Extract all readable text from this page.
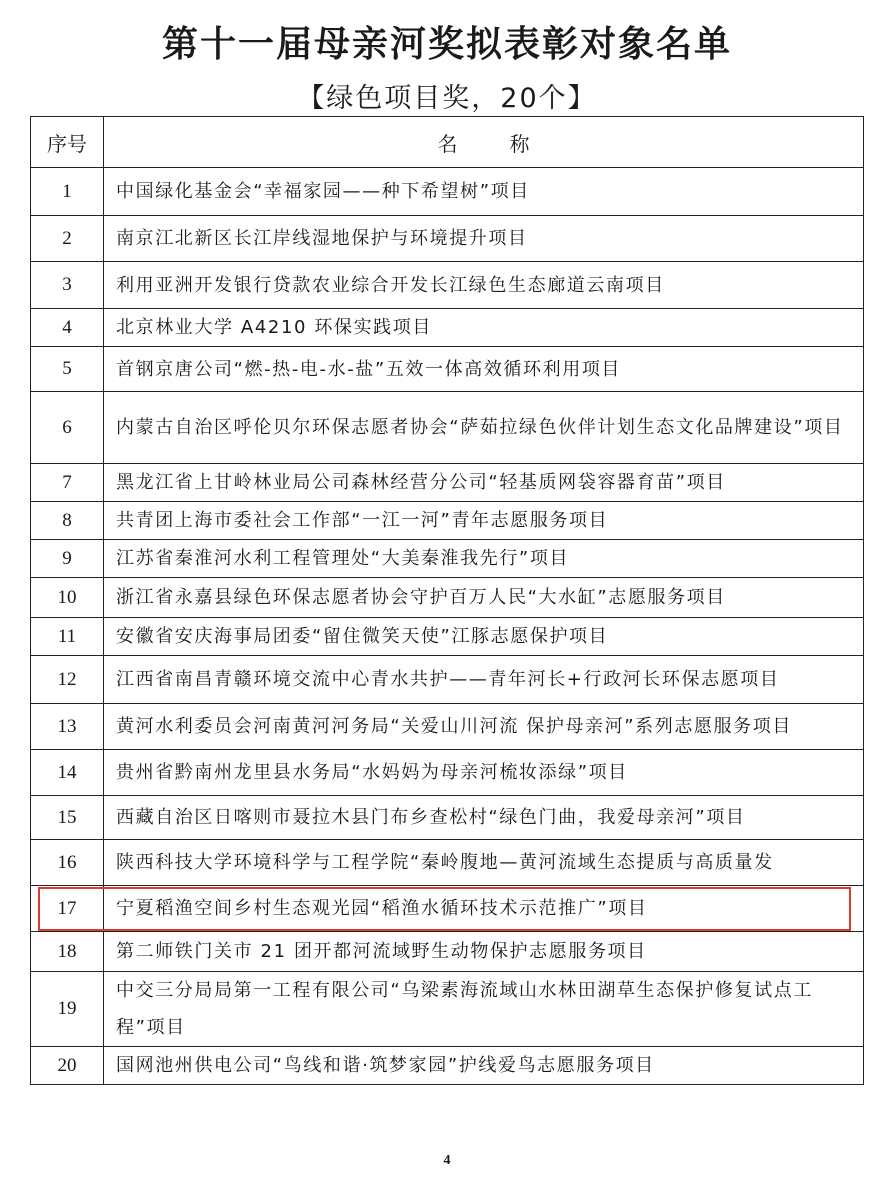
第十一届母亲河奖拟表彰对象名单
【绿色项目奖，20个】
序号	名 称
1	中国绿化基金会“幸福家园——种下希望树”项目
2	南京江北新区长江岸线湿地保护与环境提升项目
3	利用亚洲开发银行贷款农业综合开发长江绿色生态廊道云南项目
4	北京林业大学 A4210 环保实践项目
5	首钢京唐公司“燃-热-电-水-盐”五效一体高效循环利用项目
6	内蒙古自治区呼伦贝尔环保志愿者协会“萨茹拉绿色伙伴计划生态文化品牌建设”项目
7	黑龙江省上甘岭林业局公司森林经营分公司“轻基质网袋容器育苗”项目
8	共青团上海市委社会工作部“一江一河”青年志愿服务项目
9	江苏省秦淮河水利工程管理处“大美秦淮我先行”项目
10	浙江省永嘉县绿色环保志愿者协会守护百万人民“大水缸”志愿服务项目
11	安徽省安庆海事局团委“留住微笑天使”江豚志愿保护项目
12	江西省南昌青赣环境交流中心青水共护——青年河长+行政河长环保志愿项目
13	黄河水利委员会河南黄河河务局“关爱山川河流 保护母亲河”系列志愿服务项目
14	贵州省黔南州龙里县水务局“水妈妈为母亲河梳妆添绿”项目
15	西藏自治区日喀则市聂拉木县门布乡查松村“绿色门曲，我爱母亲河”项目
16	陕西科技大学环境科学与工程学院“秦岭腹地—黄河流域生态提质与高质量发
17	宁夏稻渔空间乡村生态观光园“稻渔水循环技术示范推广”项目
18	第二师铁门关市 21 团开都河流域野生动物保护志愿服务项目
19	中交三分局局第一工程有限公司“乌梁素海流域山水林田湖草生态保护修复试点工程”项目
20	国网池州供电公司“鸟线和谐·筑梦家园”护线爱鸟志愿服务项目
4
